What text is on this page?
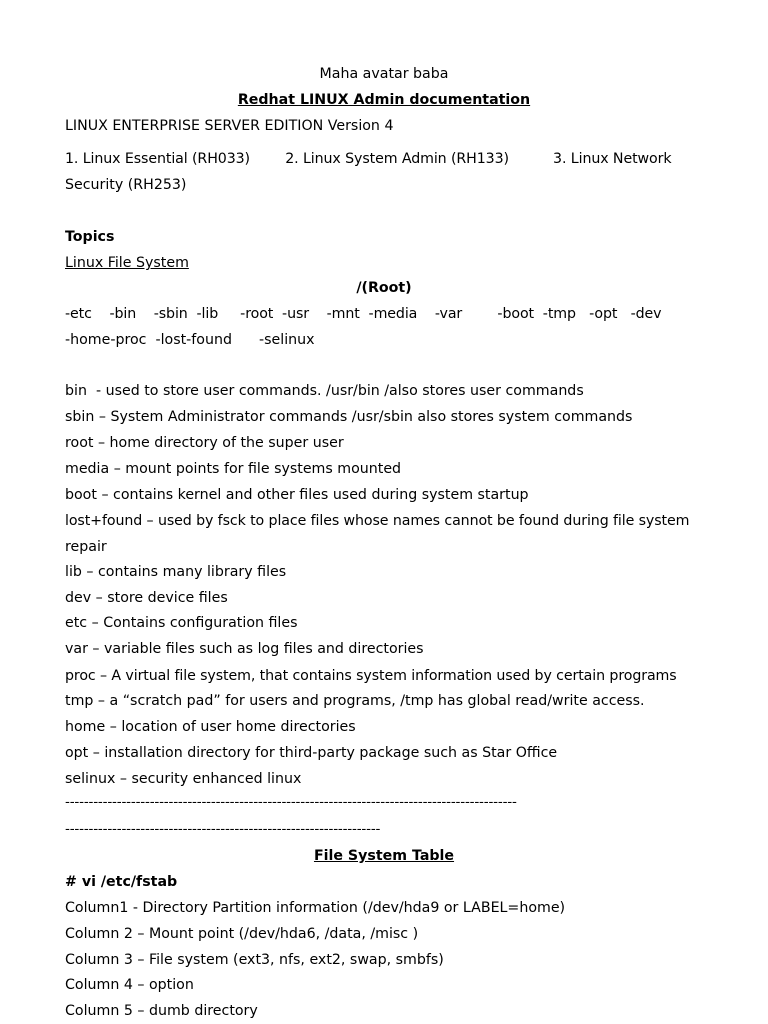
Maha avatar baba

Redhat LINUX Admin documentation

LINUX ENTERPRISE SERVER EDITION Version 4

1. Linux Essential (RH033)        2. Linux System Admin (RH133)          3. Linux Network

Security (RH253)

Topics

Linux File System

/(Root)

-etc    -bin    -sbin  -lib     -root  -usr    -mnt  -media    -var        -boot  -tmp   -opt   -dev

-home-proc  -lost-found      -selinux

bin  - used to store user commands. /usr/bin /also stores user commands

sbin – System Administrator commands /usr/sbin also stores system commands

root – home directory of the super user

media – mount points for file systems mounted

boot – contains kernel and other files used during system startup

lost+found – used by fsck to place files whose names cannot be found during file system

repair

lib – contains many library files

dev – store device files

etc – Contains configuration files

var – variable files such as log files and directories

proc – A virtual file system, that contains system information used by certain programs

tmp – a “scratch pad” for users and programs, /tmp has global read/write access.

home – location of user home directories

opt – installation directory for third-party package such as Star Office

selinux – security enhanced linux

------------------------------------------------------------------------------------------------

-------------------------------------------------------------------

File System Table

# vi /etc/fstab

Column1 - Directory Partition information (/dev/hda9 or LABEL=home)

Column 2 – Mount point (/dev/hda6, /data, /misc )

Column 3 – File system (ext3, nfs, ext2, swap, smbfs)

Column 4 – option

Column 5 – dumb directory
